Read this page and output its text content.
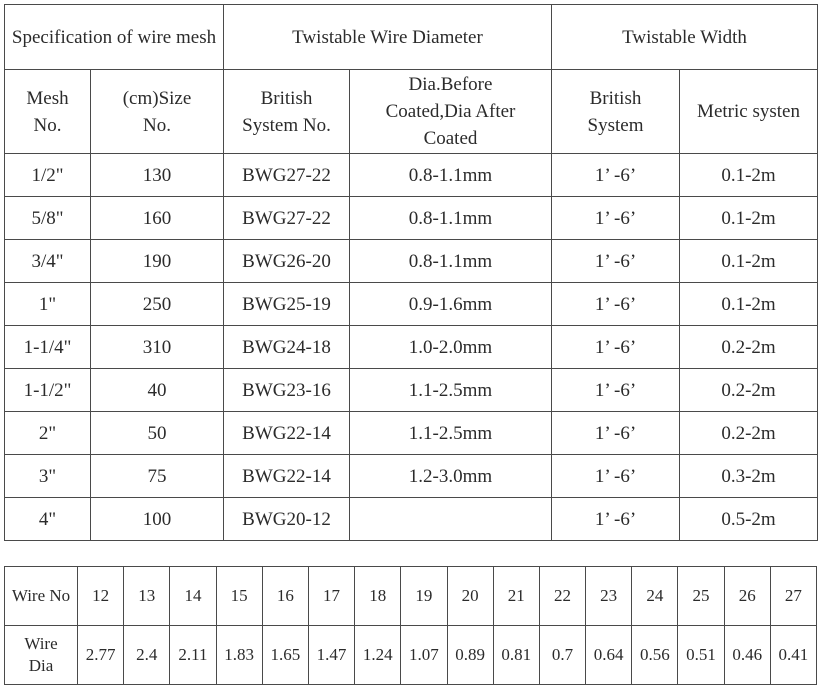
Specification of wire mesh		Twistable Wire Diameter		Twistable Width	
Mesh No.	(cm)Size No.	British System No.	Dia.Before Coated,Dia After Coated	British System	Metric systen
1/2"	130	BWG27-22	0.8-1.1mm	1’ -6’	0.1-2m
5/8"	160	BWG27-22	0.8-1.1mm	1’ -6’	0.1-2m
3/4"	190	BWG26-20	0.8-1.1mm	1’ -6’	0.1-2m
1"	250	BWG25-19	0.9-1.6mm	1’ -6’	0.1-2m
1-1/4"	310	BWG24-18	1.0-2.0mm	1’ -6’	0.2-2m
1-1/2"	40	BWG23-16	1.1-2.5mm	1’ -6’	0.2-2m
2"	50	BWG22-14	1.1-2.5mm	1’ -6’	0.2-2m
3"	75	BWG22-14	1.2-3.0mm	1’ -6’	0.3-2m
4"	100	BWG20-12		1’ -6’	0.5-2m
Wire No	12	13	14	15	16	17	18	19	20	21	22	23	24	25	26	27
Wire Dia	2.77	2.4	2.11	1.83	1.65	1.47	1.24	1.07	0.89	0.81	0.7	0.64	0.56	0.51	0.46	0.41
